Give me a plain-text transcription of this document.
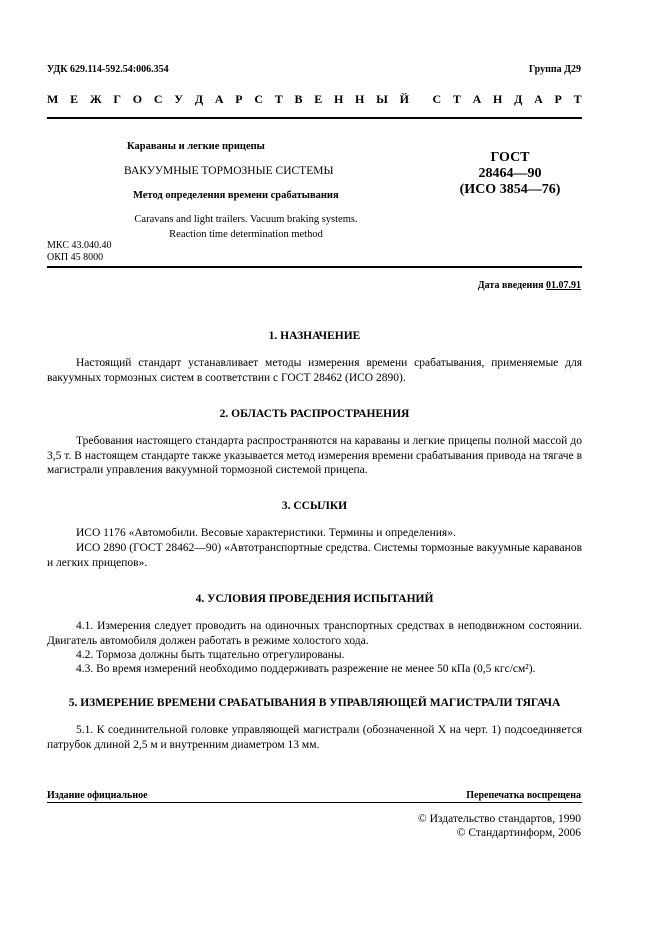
УДК 629.114-592.54:006.354	Группа Д29
М Е Ж Г О С У Д А Р С Т В Е Н Н Ы Й С Т А Н Д А Р Т
Караваны и легкие прицепы
ВАКУУМНЫЕ ТОРМОЗНЫЕ СИСТЕМЫ
Метод определения времени срабатывания
Caravans and light trailers. Vacuum braking systems.
Reaction time determination method
ГОСТ
28464—90
(ИСО 3854—76)
МКС 43.040.40
ОКП 45 8000
Дата введения 01.07.91
1. НАЗНАЧЕНИЕ
Настоящий стандарт устанавливает методы измерения времени срабатывания, применяемые для вакуумных тормозных систем в соответствии с ГОСТ 28462 (ИСО 2890).
2. ОБЛАСТЬ РАСПРОСТРАНЕНИЯ
Требования настоящего стандарта распространяются на караваны и легкие прицепы полной массой до 3,5 т. В настоящем стандарте также указывается метод измерения времени срабатывания привода на тягаче в магистрали управления вакуумной тормозной системой прицепа.
3. ССЫЛКИ
ИСО 1176 «Автомобили. Весовые характеристики. Термины и определения».
ИСО 2890 (ГОСТ 28462—90) «Автотранспортные средства. Системы тормозные вакуумные караванов и легких прицепов».
4. УСЛОВИЯ ПРОВЕДЕНИЯ ИСПЫТАНИЙ
4.1. Измерения следует проводить на одиночных транспортных средствах в неподвижном состоянии. Двигатель автомобиля должен работать в режиме холостого хода.
4.2. Тормоза должны быть тщательно отрегулированы.
4.3. Во время измерений необходимо поддерживать разрежение не менее 50 кПа (0,5 кгс/см²).
5. ИЗМЕРЕНИЕ ВРЕМЕНИ СРАБАТЫВАНИЯ В УПРАВЛЯЮЩЕЙ МАГИСТРАЛИ ТЯГАЧА
5.1. К соединительной головке управляющей магистрали (обозначенной X на черт. 1) подсоединяется патрубок длиной 2,5 м и внутренним диаметром 13 мм.
Издание официальное	Перепечатка воспрещена
© Издательство стандартов, 1990
© Стандартинформ, 2006
